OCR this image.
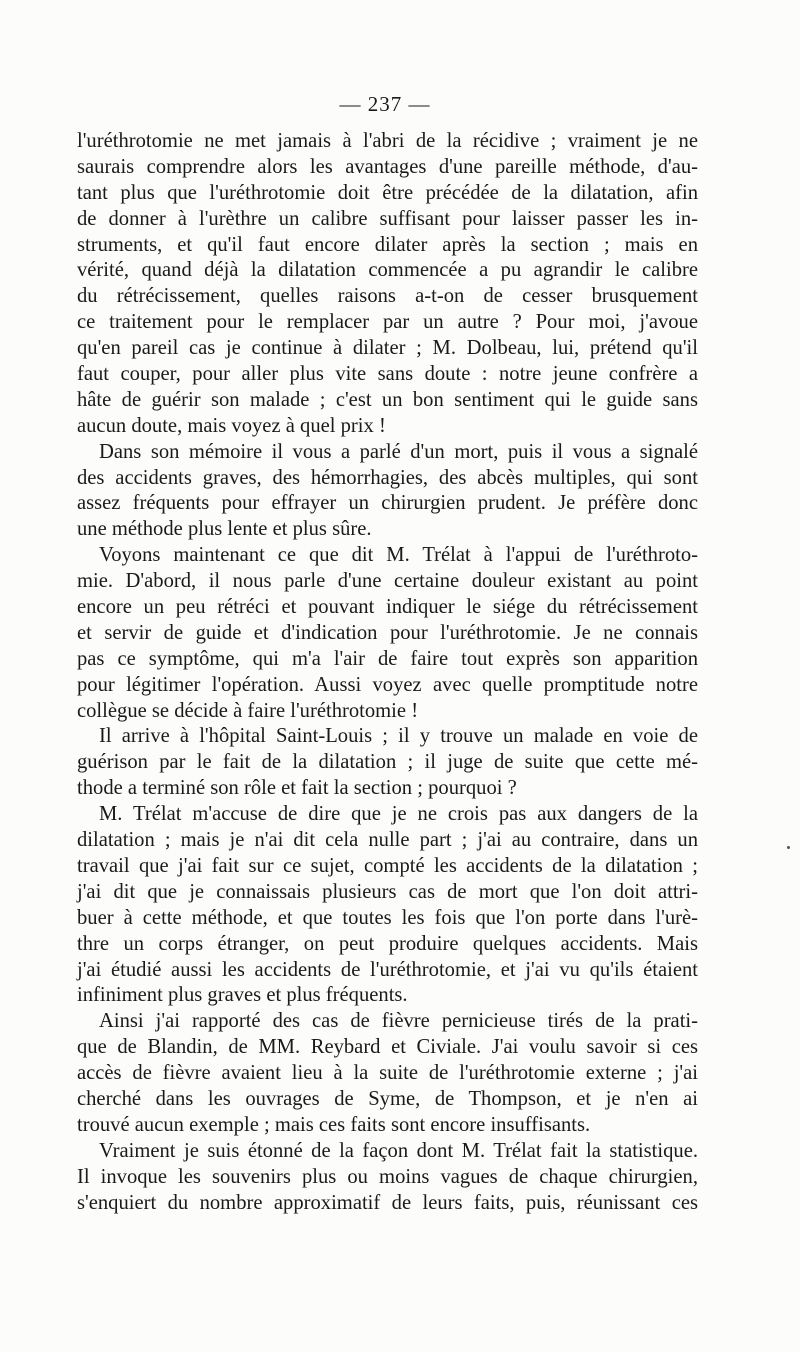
— 237 —
l'uréthrotomie ne met jamais à l'abri de la récidive ; vraiment je ne
saurais comprendre alors les avantages d'une pareille méthode, d'au-
tant plus que l'uréthrotomie doit être précédée de la dilatation, afin
de donner à l'urèthre un calibre suffisant pour laisser passer les in-
struments, et qu'il faut encore dilater après la section ; mais en
vérité, quand déjà la dilatation commencée a pu agrandir le calibre
du rétrécissement, quelles raisons a-t-on de cesser brusquement
ce traitement pour le remplacer par un autre ? Pour moi, j'avoue
qu'en pareil cas je continue à dilater ; M. Dolbeau, lui, prétend qu'il
faut couper, pour aller plus vite sans doute : notre jeune confrère a
hâte de guérir son malade ; c'est un bon sentiment qui le guide sans
aucun doute, mais voyez à quel prix !
Dans son mémoire il vous a parlé d'un mort, puis il vous a signalé
des accidents graves, des hémorrhagies, des abcès multiples, qui sont
assez fréquents pour effrayer un chirurgien prudent. Je préfère donc
une méthode plus lente et plus sûre.
Voyons maintenant ce que dit M. Trélat à l'appui de l'uréthroto-
mie. D'abord, il nous parle d'une certaine douleur existant au point
encore un peu rétréci et pouvant indiquer le siége du rétrécissement
et servir de guide et d'indication pour l'uréthrotomie. Je ne connais
pas ce symptôme, qui m'a l'air de faire tout exprès son apparition
pour légitimer l'opération. Aussi voyez avec quelle promptitude notre
collègue se décide à faire l'uréthrotomie !
Il arrive à l'hôpital Saint-Louis ; il y trouve un malade en voie de
guérison par le fait de la dilatation ; il juge de suite que cette mé-
thode a terminé son rôle et fait la section ; pourquoi ?
M. Trélat m'accuse de dire que je ne crois pas aux dangers de la
dilatation ; mais je n'ai dit cela nulle part ; j'ai au contraire, dans un
travail que j'ai fait sur ce sujet, compté les accidents de la dilatation ;
j'ai dit que je connaissais plusieurs cas de mort que l'on doit attri-
buer à cette méthode, et que toutes les fois que l'on porte dans l'urè-
thre un corps étranger, on peut produire quelques accidents. Mais
j'ai étudié aussi les accidents de l'uréthrotomie, et j'ai vu qu'ils étaient
infiniment plus graves et plus fréquents.
Ainsi j'ai rapporté des cas de fièvre pernicieuse tirés de la prati-
que de Blandin, de MM. Reybard et Civiale. J'ai voulu savoir si ces
accès de fièvre avaient lieu à la suite de l'uréthrotomie externe ; j'ai
cherché dans les ouvrages de Syme, de Thompson, et je n'en ai
trouvé aucun exemple ; mais ces faits sont encore insuffisants.
Vraiment je suis étonné de la façon dont M. Trélat fait la statistique.
Il invoque les souvenirs plus ou moins vagues de chaque chirurgien,
s'enquiert du nombre approximatif de leurs faits, puis, réunissant ces
